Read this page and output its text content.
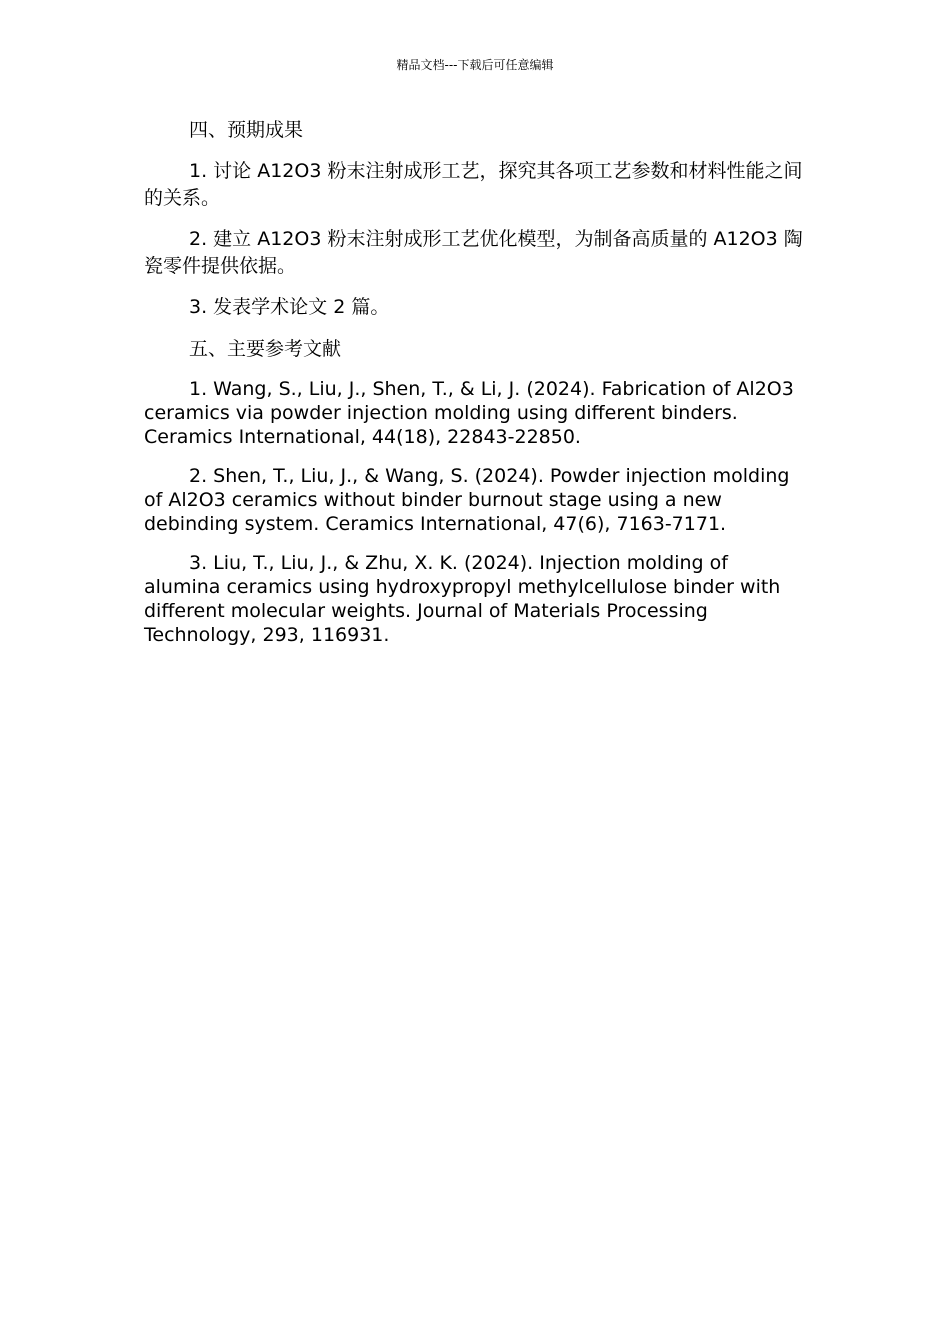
精品文档---下载后可任意编辑
四、预期成果

1. 讨论 A12O3 粉末注射成形工艺，探究其各项工艺参数和材料性能之间的关系。

2. 建立 A12O3 粉末注射成形工艺优化模型，为制备高质量的 A12O3 陶瓷零件提供依据。

3. 发表学术论文 2 篇。

五、主要参考文献

1. Wang, S., Liu, J., Shen, T., & Li, J. (2024). Fabrication of Al2O3 ceramics via powder injection molding using different binders. Ceramics International, 44(18), 22843-22850.

2. Shen, T., Liu, J., & Wang, S. (2024). Powder injection molding of Al2O3 ceramics without binder burnout stage using a new debinding system. Ceramics International, 47(6), 7163-7171.

3. Liu, T., Liu, J., & Zhu, X. K. (2024). Injection molding of alumina ceramics using hydroxypropyl methylcellulose binder with different molecular weights. Journal of Materials Processing Technology, 293, 116931.
